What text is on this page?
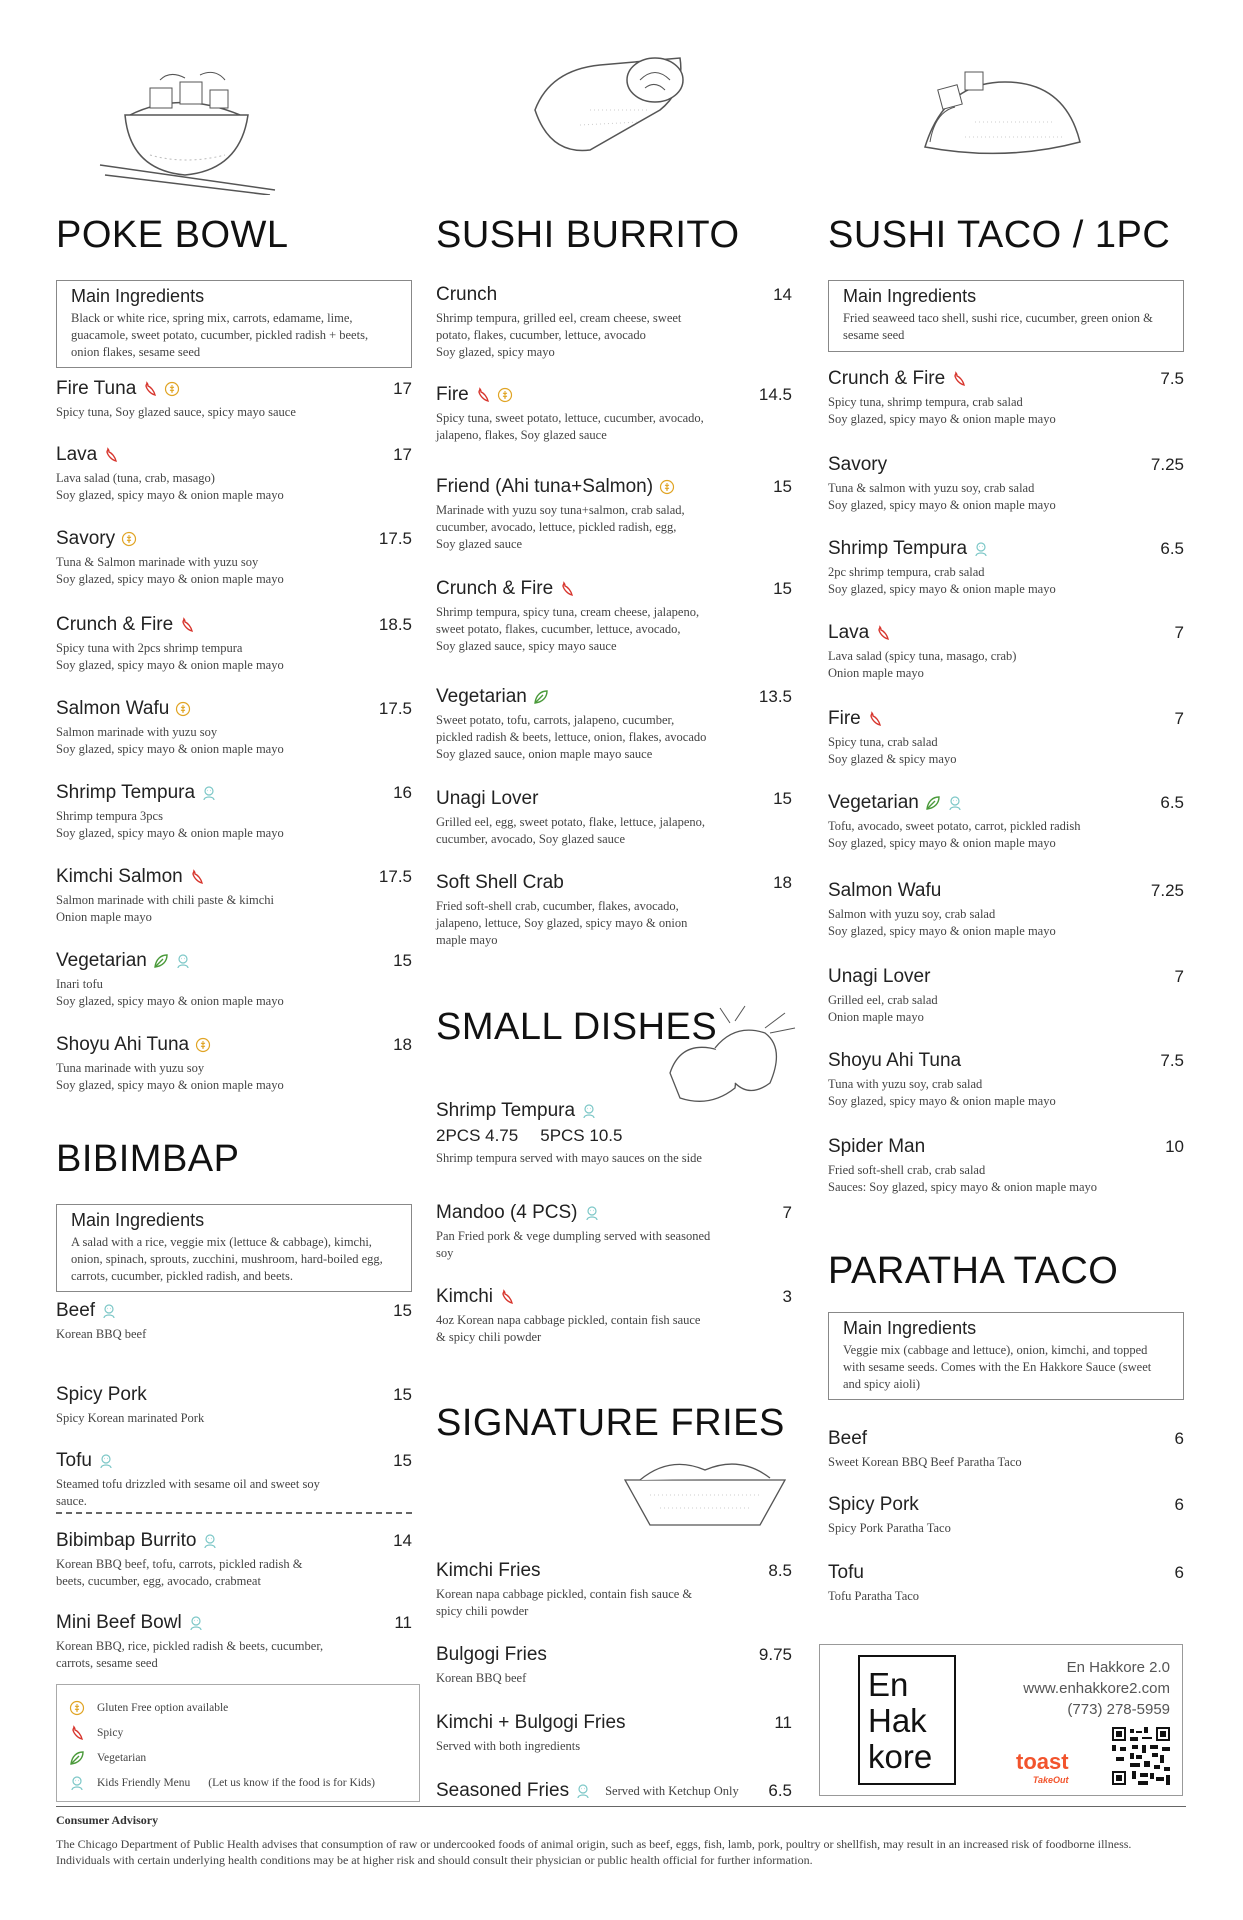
POKE BOWL
Main Ingredients
Black or white rice, spring mix, carrots, edamame, lime, guacamole, sweet potato, cucumber, pickled radish + beets, onion flakes, sesame seed
Fire Tuna	17
Spicy tuna, Soy glazed sauce, spicy mayo sauce
Lava	17
Lava salad (tuna, crab, masago)
Soy glazed, spicy mayo & onion maple mayo
Savory	17.5
Tuna & Salmon marinade with yuzu soy
Soy glazed, spicy mayo & onion maple mayo
Crunch & Fire	18.5
Spicy tuna with 2pcs shrimp tempura
Soy glazed, spicy mayo & onion maple mayo
Salmon Wafu	17.5
Salmon marinade with yuzu soy
Soy glazed, spicy mayo & onion maple mayo
Shrimp Tempura	16
Shrimp tempura 3pcs
Soy glazed, spicy mayo & onion maple mayo
Kimchi Salmon	17.5
Salmon marinade with chili paste & kimchi
Onion maple mayo
Vegetarian	15
Inari tofu
Soy glazed, spicy mayo & onion maple mayo
Shoyu Ahi Tuna	18
Tuna marinade with yuzu soy
Soy glazed, spicy mayo & onion maple mayo
BIBIMBAP
Main Ingredients
A salad with a rice, veggie mix (lettuce & cabbage), kimchi, onion, spinach, sprouts, zucchini, mushroom, hard-boiled egg, carrots, cucumber, pickled radish, and beets.
Beef	15
Korean BBQ beef
Spicy Pork	15
Spicy Korean marinated Pork
Tofu	15
Steamed tofu drizzled with sesame oil and sweet soy
sauce.
Bibimbap Burrito	14
Korean BBQ beef, tofu, carrots, pickled radish &
beets, cucumber, egg, avocado, crabmeat
Mini Beef Bowl	11
Korean BBQ, rice, pickled radish & beets, cucumber,
carrots, sesame seed
Gluten Free option available
Spicy
Vegetarian
Kids Friendly Menu (Let us know if the food is for Kids)
SUSHI BURRITO
Crunch	14
Shrimp tempura, grilled eel, cream cheese, sweet
potato, flakes, cucumber, lettuce, avocado
Soy glazed, spicy mayo
Fire	14.5
Spicy tuna, sweet potato, lettuce, cucumber, avocado,
jalapeno, flakes, Soy glazed sauce
Friend (Ahi tuna+Salmon)	15
Marinade with yuzu soy tuna+salmon, crab salad,
cucumber, avocado, lettuce, pickled radish, egg,
Soy glazed sauce
Crunch & Fire	15
Shrimp tempura, spicy tuna, cream cheese, jalapeno,
sweet potato, flakes, cucumber, lettuce, avocado,
Soy glazed sauce, spicy mayo sauce
Vegetarian	13.5
Sweet potato, tofu, carrots, jalapeno, cucumber,
pickled radish & beets, lettuce, onion, flakes, avocado
Soy glazed sauce, onion maple mayo sauce
Unagi Lover	15
Grilled eel, egg, sweet potato, flake, lettuce, jalapeno,
cucumber, avocado, Soy glazed sauce
Soft Shell Crab	18
Fried soft-shell crab, cucumber, flakes, avocado,
jalapeno, lettuce, Soy glazed, spicy mayo & onion
maple mayo
SMALL DISHES
Shrimp Tempura
2PCS 4.75 5PCS 10.5
Shrimp tempura served with mayo sauces on the side
Mandoo (4 PCS)	7
Pan Fried pork & vege dumpling served with seasoned
soy
Kimchi	3
4oz Korean napa cabbage pickled, contain fish sauce
& spicy chili powder
SIGNATURE FRIES
Kimchi Fries	8.5
Korean napa cabbage pickled, contain fish sauce &
spicy chili powder
Bulgogi Fries	9.75
Korean BBQ beef
Kimchi + Bulgogi Fries	11
Served with both ingredients
Seasoned Fries	Served with Ketchup Only 6.5
SUSHI TACO / 1PC
Main Ingredients
Fried seaweed taco shell, sushi rice, cucumber, green onion & sesame seed
Crunch & Fire	7.5
Spicy tuna, shrimp tempura, crab salad
Soy glazed, spicy mayo & onion maple mayo
Savory	7.25
Tuna & salmon with yuzu soy, crab salad
Soy glazed, spicy mayo & onion maple mayo
Shrimp Tempura	6.5
2pc shrimp tempura, crab salad
Soy glazed, spicy mayo & onion maple mayo
Lava	7
Lava salad (spicy tuna, masago, crab)
Onion maple mayo
Fire	7
Spicy tuna, crab salad
Soy glazed & spicy mayo
Vegetarian	6.5
Tofu, avocado, sweet potato, carrot, pickled radish
Soy glazed, spicy mayo & onion maple mayo
Salmon Wafu	7.25
Salmon with yuzu soy, crab salad
Soy glazed, spicy mayo & onion maple mayo
Unagi Lover	7
Grilled eel, crab salad
Onion maple mayo
Shoyu Ahi Tuna	7.5
Tuna with yuzu soy, crab salad
Soy glazed, spicy mayo & onion maple mayo
Spider Man	10
Fried soft-shell crab, crab salad
Sauces: Soy glazed, spicy mayo & onion maple mayo
PARATHA TACO
Main Ingredients
Veggie mix (cabbage and lettuce), onion, kimchi, and topped with sesame seeds. Comes with the En Hakkore Sauce (sweet and spicy aioli)
Beef	6
Sweet Korean BBQ Beef Paratha Taco
Spicy Pork	6
Spicy Pork Paratha Taco
Tofu	6
Tofu Paratha Taco
En
Hak
kore
En Hakkore 2.0
www.enhakkore2.com
(773) 278-5959
toast
TakeOut
Consumer Advisory
The Chicago Department of Public Health advises that consumption of raw or undercooked foods of animal origin, such as beef, eggs, fish, lamb, pork, poultry or shellfish, may result in an increased risk of foodborne illness. Individuals with certain underlying health conditions may be at higher risk and should consult their physician or public health official for further information.
